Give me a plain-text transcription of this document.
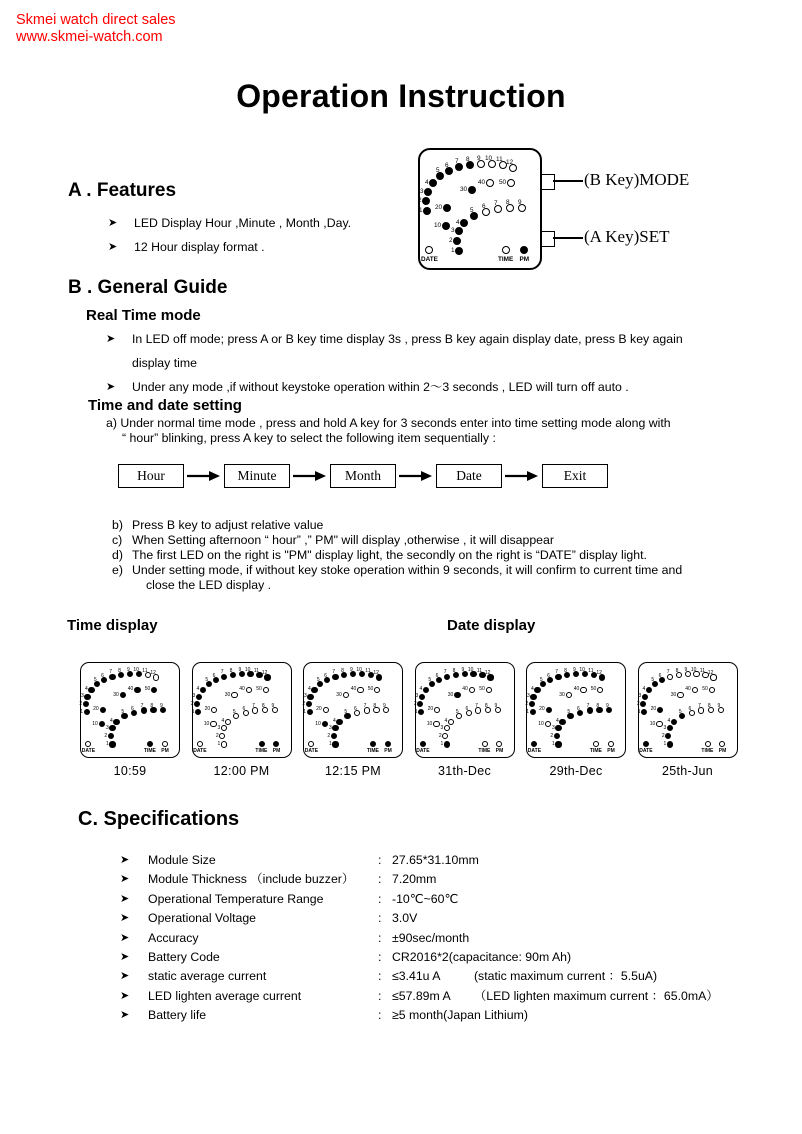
Skmei watch direct sales
www.skmei-watch.com
Operation Instruction
A . Features
➤	LED Display Hour ,Minute , Month ,Day.
➤	12 Hour display format .
1
2
3
4
5
6
7 8 9 10 11 12
10
20
30
40 50
1
2
3
4
5
6 7 8 9
DATE	TIME PM
(B Key)MODE
(A Key)SET
B . General Guide
Real Time mode
➤	In LED off mode; press A or B key time display 3s , press B key again display date, press B key again

display time
➤	Under any mode ,if without keystoke operation within 2～3 seconds , LED will turn off auto .
Time and date setting
a) Under normal time mode , press and hold A key for 3 seconds enter into time setting mode along with
“ hour” blinking, press A key to select the following item sequentially :
Hour	Minute	Month	Date	Exit
b) Press B key to adjust relative value
c) When Setting afternoon “ hour” ,” PM" will display ,otherwise , it will disappear
d) The first LED on the right is "PM" display light, the secondly on the right is “DATE” display light.
e) Under setting mode, if without key stoke operation within 9 seconds, it will confirm to current time and
close the LED display .
Time display	Date display
1
2
3
4
5
6
7 8 9 10 11 12
10
20
30
40 50
1
2
3
4
5
6 7 8 9
DATE	TIME PM
10:59
1
2
3
4
5
6
7 8 9 10 11 12
10
20
30
40 50
1
2
3
4
5
6 7 8 9
DATE	TIME PM
12:00 PM
1
2
3
4
5
6
7 8 9 10 11 12
10
20
30
40 50
1
2
3
4
5
6 7 8 9
DATE	TIME PM
12:15 PM
1
2
3
4
5
6
7 8 9 10 11 12
10
20
30
40 50
1
2
3
4
5
6 7 8 9
DATE	TIME PM
31th-Dec
1
2
3
4
5
6
7 8 9 10 11 12
10
20
30
40 50
1
2
3
4
5
6 7 8 9
DATE	TIME PM
29th-Dec
1
2
3
4
5
6
7 8 9 10 11 12
10
20
30
40 50
1
2
3
4
5
6 7 8 9
DATE	TIME PM
25th-Jun
C. Specifications
➤	Module Size	: 27.65*31.10mm
➤	Module Thickness （include buzzer）	: 7.20mm
➤	Operational Temperature Range	: -10℃~60℃
➤	Operational Voltage	: 3.0V
➤	Accuracy	: ±90sec/month
➤	Battery Code	: CR2016*2(capacitance: 90m Ah)
➤	static average current	: ≤3.41u A          (static maximum current ：5.5uA)
➤	LED lighten average current	: ≤57.89m A       （LED lighten maximum current ：65.0mA）
➤	Battery life	: ≥5 month(Japan Lithium)
